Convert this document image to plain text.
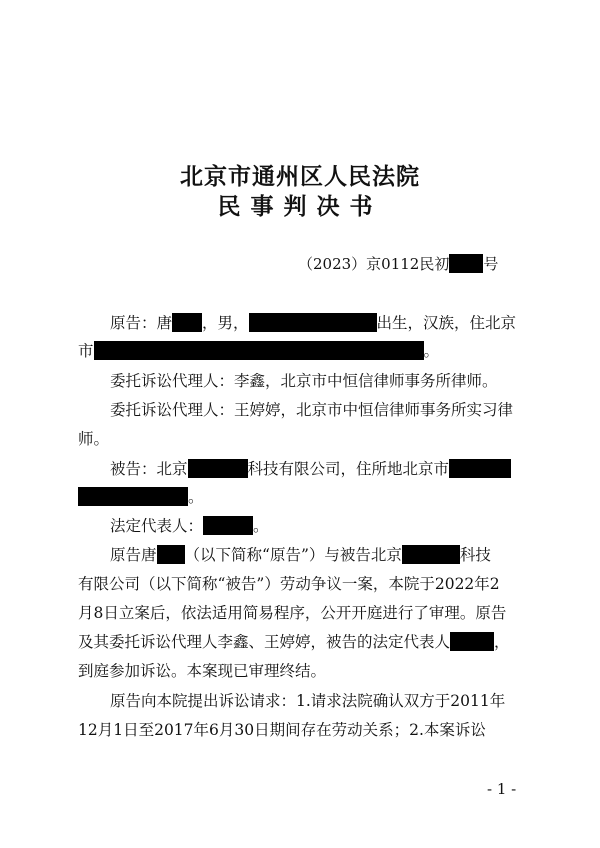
北京市通州区人民法院
民事判决书
（2023）京0112民初 号
原告：唐 ，男，	出生，汉族，住北京
市	。
委托诉讼代理人：李鑫，北京市中恒信律师事务所律师。
委托诉讼代理人：王婷婷，北京市中恒信律师事务所实习律
师。
被告：北京	科技有限公司，住所地北京市
。
法定代表人：	。
原告唐 （以下简称“原告”）与被告北京	科技
有限公司（以下简称“被告”）劳动争议一案，本院于2022年2
月8日立案后，依法适用简易程序，公开开庭进行了审理。原告
及其委托诉讼代理人李鑫、王婷婷，被告的法定代表人	，
到庭参加诉讼。本案现已审理终结。
原告向本院提出诉讼请求：1.请求法院确认双方于2011年
12月1日至2017年6月30日期间存在劳动关系；2.本案诉讼
- 1 -
